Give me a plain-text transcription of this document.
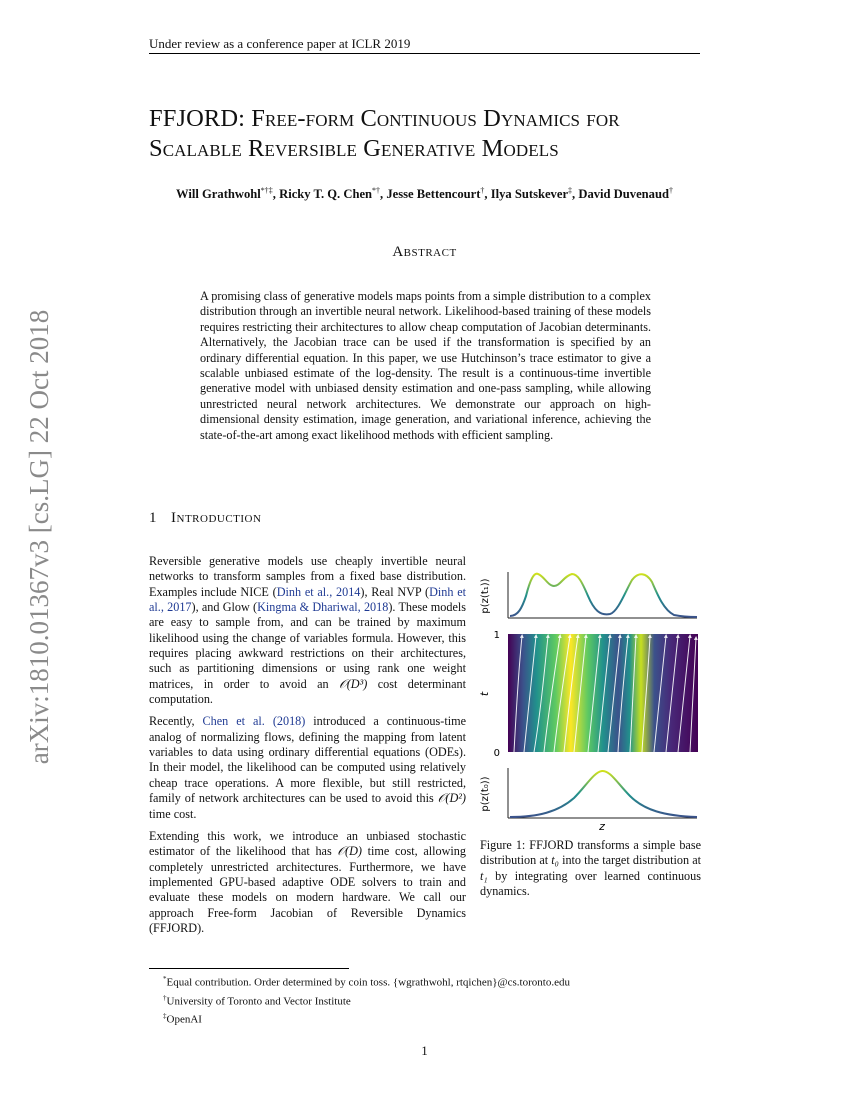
Under review as a conference paper at ICLR 2019
FFJORD: Free-form Continuous Dynamics for
Scalable Reversible Generative Models
Will Grathwohl*†‡, Ricky T. Q. Chen*†, Jesse Bettencourt†, Ilya Sutskever‡, David Duvenaud†
Abstract
A promising class of generative models maps points from a simple distribution to a complex distribution through an invertible neural network. Likelihood-based training of these models requires restricting their architectures to allow cheap computation of Jacobian determinants. Alternatively, the Jacobian trace can be used if the transformation is specified by an ordinary differential equation. In this paper, we use Hutchinson’s trace estimator to give a scalable unbiased estimate of the log-density. The result is a continuous-time invertible generative model with unbiased density estimation and one-pass sampling, while allowing unrestricted neural network architectures. We demonstrate our approach on high-dimensional density estimation, image generation, and variational inference, achieving the state-of-the-art among exact likelihood methods with efficient sampling.
1 Introduction

Reversible generative models use cheaply invertible neural networks to transform samples from a fixed base distribution. Examples include NICE (Dinh et al., 2014), Real NVP (Dinh et al., 2017), and Glow (Kingma & Dhariwal, 2018). These models are easy to sample from, and can be trained by maximum likelihood using the change of variables formula. However, this requires placing awkward restrictions on their architectures, such as partitioning dimensions or using rank one weight matrices, in order to avoid an 𝒪(D³) cost determinant computation.

Recently, Chen et al. (2018) introduced a continuous-time analog of normalizing flows, defining the mapping from latent variables to data using ordinary differential equations (ODEs). In their model, the likelihood can be computed using relatively cheap trace operations. A more flexible, but still restricted, family of network architectures can be used to avoid this 𝒪(D²) time cost.

Extending this work, we introduce an unbiased stochastic estimator of the likelihood that has 𝒪(D) time cost, allowing completely unrestricted architectures. Furthermore, we have implemented GPU-based adaptive ODE solvers to train and evaluate these models on modern hardware. We call our approach Free-form Jacobian of Reversible Dynamics (FFJORD).

p(z(t₁))
t
1
0
p(z(t₀))
z
Figure 1: FFJORD transforms a simple base distribution at t₀ into the target distribution at t₁ by integrating over learned continuous dynamics.
*Equal contribution. Order determined by coin toss. {wgrathwohl, rtqichen}@cs.toronto.edu
†University of Toronto and Vector Institute
‡OpenAI
1
arXiv:1810.01367v3 [cs.LG] 22 Oct 2018
